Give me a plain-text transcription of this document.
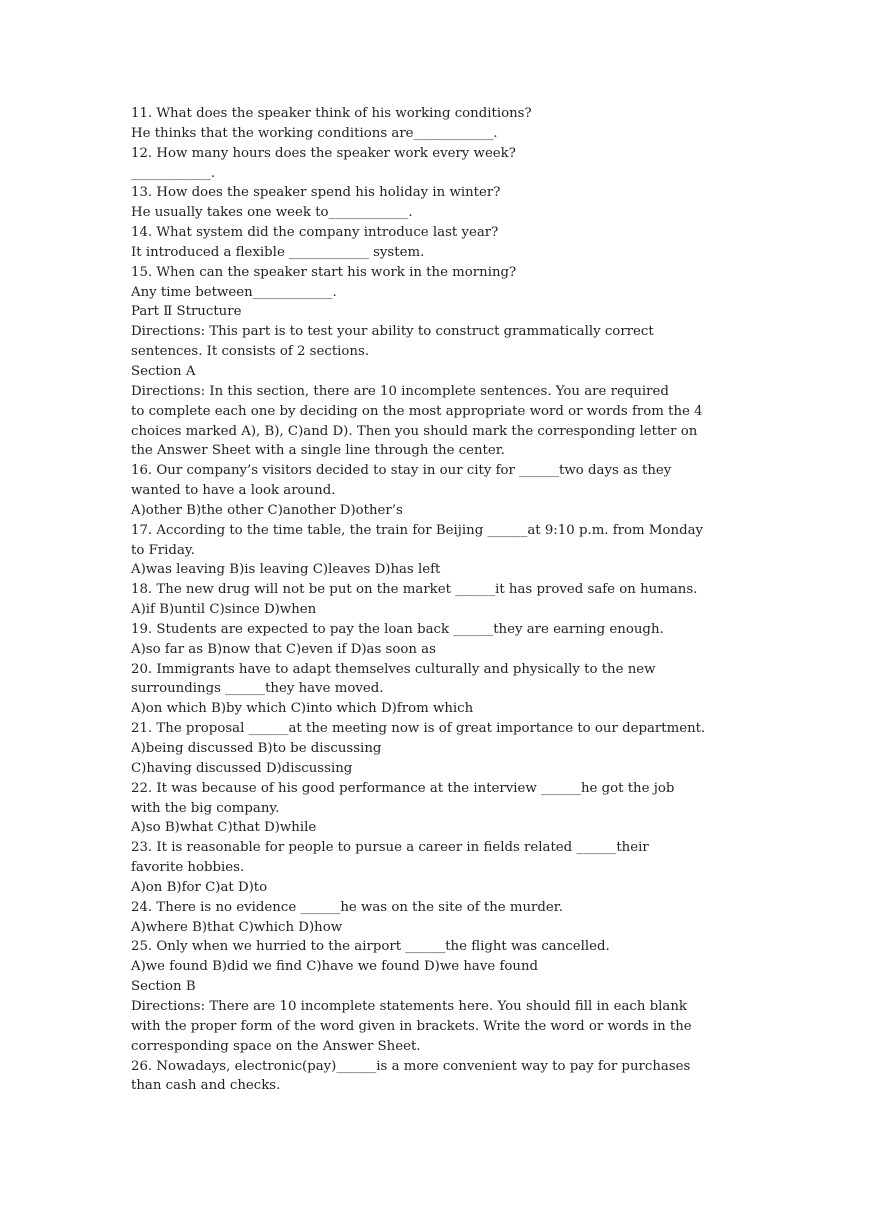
11. What does the speaker think of his working conditions?
He thinks that the working conditions are____________.
12. How many hours does the speaker work every week?
____________.
13. How does the speaker spend his holiday in winter?
He usually takes one week to____________.
14. What system did the company introduce last year?
It introduced a flexible ____________ system.
15. When can the speaker start his work in the morning?
Any time between____________.
Part Ⅱ Structure
Directions: This part is to test your ability to construct grammatically correct
sentences. It consists of 2 sections.
Section A
Directions: In this section, there are 10 incomplete sentences. You are required
to complete each one by deciding on the most appropriate word or words from the 4
choices marked A), B), C)and D). Then you should mark the corresponding letter on
the Answer Sheet with a single line through the center.
16. Our company’s visitors decided to stay in our city for ______two days as they
wanted to have a look around.
A)other B)the other C)another D)other’s
17. According to the time table, the train for Beijing ______at 9:10 p.m. from Monday
to Friday.
A)was leaving B)is leaving C)leaves D)has left
18. The new drug will not be put on the market ______it has proved safe on humans.
A)if B)until C)since D)when
19. Students are expected to pay the loan back ______they are earning enough.
A)so far as B)now that C)even if D)as soon as
20. Immigrants have to adapt themselves culturally and physically to the new
surroundings ______they have moved.
A)on which B)by which C)into which D)from which
21. The proposal ______at the meeting now is of great importance to our department.
A)being discussed B)to be discussing
C)having discussed D)discussing
22. It was because of his good performance at the interview ______he got the job
with the big company.
A)so B)what C)that D)while
23. It is reasonable for people to pursue a career in fields related ______their
favorite hobbies.
A)on B)for C)at D)to
24. There is no evidence ______he was on the site of the murder.
A)where B)that C)which D)how
25. Only when we hurried to the airport ______the flight was cancelled.
A)we found B)did we find C)have we found D)we have found
Section B
Directions: There are 10 incomplete statements here. You should fill in each blank
with the proper form of the word given in brackets. Write the word or words in the
corresponding space on the Answer Sheet.
26. Nowadays, electronic(pay)______is a more convenient way to pay for purchases
than cash and checks.
